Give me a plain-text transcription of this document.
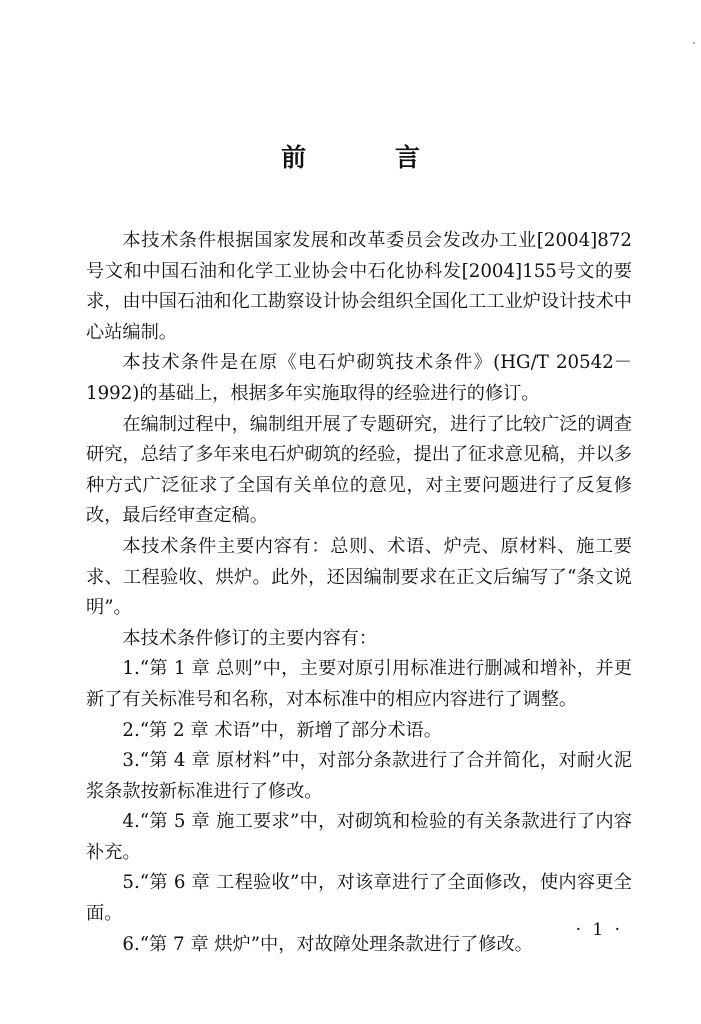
前 言

本技术条件根据国家发展和改革委员会发改办工业[2004]872号文和中国石油和化学工业协会中石化协科发[2004]155号文的要求，由中国石油和化工勘察设计协会组织全国化工工业炉设计技术中心站编制。

本技术条件是在原《电石炉砌筑技术条件》(HG/T 20542－1992)的基础上，根据多年实施取得的经验进行的修订。

在编制过程中，编制组开展了专题研究，进行了比较广泛的调查研究，总结了多年来电石炉砌筑的经验，提出了征求意见稿，并以多种方式广泛征求了全国有关单位的意见，对主要问题进行了反复修改，最后经审查定稿。

本技术条件主要内容有：总则、术语、炉壳、原材料、施工要求、工程验收、烘炉。此外，还因编制要求在正文后编写了“条文说明”。

本技术条件修订的主要内容有：

1.“第 1 章 总则”中，主要对原引用标准进行删减和增补，并更新了有关标准号和名称，对本标准中的相应内容进行了调整。

2.“第 2 章 术语”中，新增了部分术语。

3.“第 4 章 原材料”中，对部分条款进行了合并简化，对耐火泥浆条款按新标准进行了修改。

4.“第 5 章 施工要求”中，对砌筑和检验的有关条款进行了内容补充。

5.“第 6 章 工程验收”中，对该章进行了全面修改，使内容更全面。

6.“第 7 章 烘炉”中，对故障处理条款进行了修改。

· 1 ·
